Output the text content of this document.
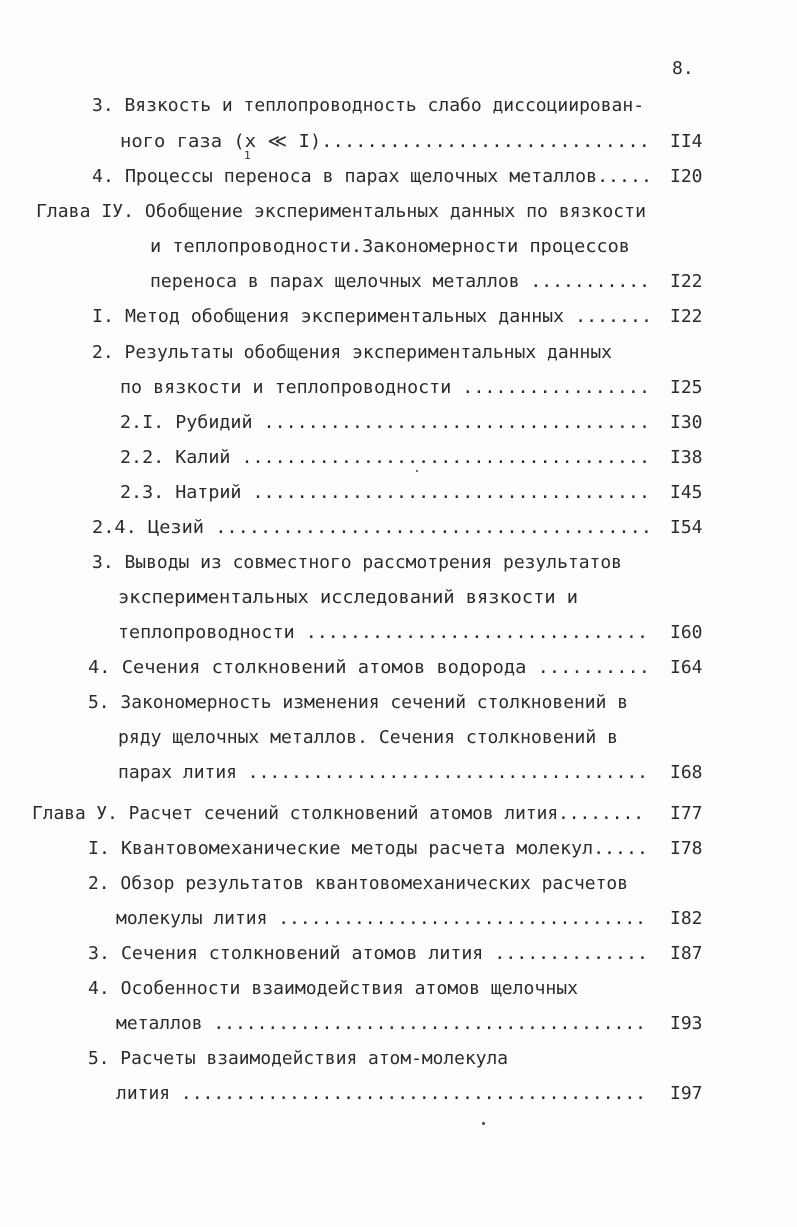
8.
3. Вязкость и теплопроводность слабо диссоциирован-
ного газа (x ≪ I)............................. II4
1
4. Процессы переноса в парах щелочных металлов..... I20
Глава IУ. Обобщение экспериментальных данных по вязкости
и теплопроводности.Закономерности процессов
переноса в парах щелочных металлов ........... I22
I. Метод обобщения экспериментальных данных ....... I22
2. Результаты обобщения экспериментальных данных
по вязкости и теплопроводности ................. I25
2.I. Рубидий ................................... I30
2.2. Калий ..................................... I38
2.3. Натрий .................................... I45
2.4. Цезий ....................................... I54
3. Выводы из совместного рассмотрения результатов
экспериментальных исследований вязкости и
теплопроводности ............................... I60
4. Сечения столкновений атомов водорода .......... I64
5. Закономерность изменения сечений столкновений в
ряду щелочных металлов. Сечения столкновений в
парах лития ..................................... I68
Глава У. Расчет сечений столкновений атомов лития........ I77
I. Квантовомеханические методы расчета молекул..... I78
2. Обзор результатов квантовомеханических расчетов
молекулы лития .................................. I82
3. Сечения столкновений атомов лития .............. I87
4. Особенности взаимодействия атомов щелочных
металлов ........................................ I93
5. Расчеты взаимодействия атом-молекула
лития ........................................... I97
